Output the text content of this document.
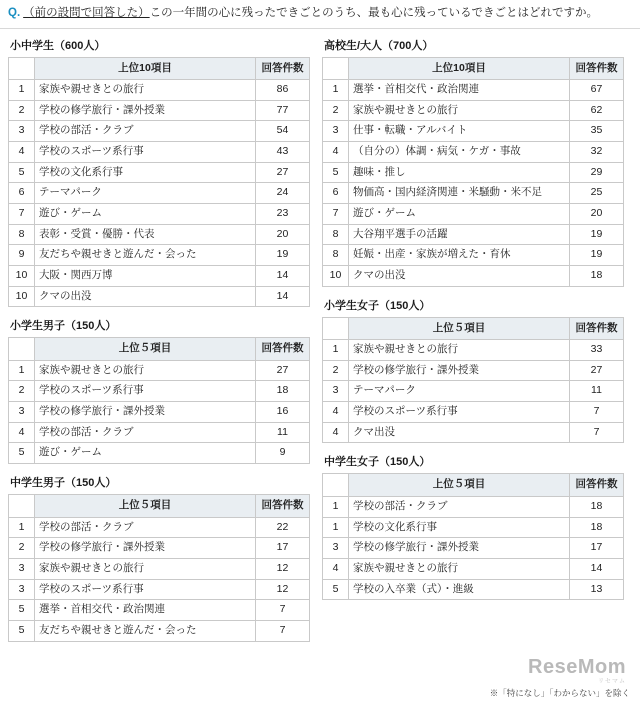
Q. （前の設問で回答した）この一年間の心に残ったできごとのうち、最も心に残っているできごとはどれですか。
小中学生（600人）
	上位10項目	回答件数
1	家族や親せきとの旅行	86
2	学校の修学旅行・課外授業	77
3	学校の部活・クラブ	54
4	学校のスポーツ系行事	43
5	学校の文化系行事	27
6	テーマパーク	24
7	遊び・ゲーム	23
8	表彰・受賞・優勝・代表	20
9	友だちや親せきと遊んだ・会った	19
10	大阪・関西万博	14
10	クマの出没	14
小学生男子（150人）
	上位５項目	回答件数
1	家族や親せきとの旅行	27
2	学校のスポーツ系行事	18
3	学校の修学旅行・課外授業	16
4	学校の部活・クラブ	11
5	遊び・ゲーム	9
中学生男子（150人）
	上位５項目	回答件数
1	学校の部活・クラブ	22
2	学校の修学旅行・課外授業	17
3	家族や親せきとの旅行	12
3	学校のスポーツ系行事	12
5	選挙・首相交代・政治関連	7
5	友だちや親せきと遊んだ・会った	7
高校生/大人（700人）
	上位10項目	回答件数
1	選挙・首相交代・政治関連	67
2	家族や親せきとの旅行	62
3	仕事・転職・アルバイト	35
4	（自分の）体調・病気・ケガ・事故	32
5	趣味・推し	29
6	物価高・国内経済関連・米騒動・米不足	25
7	遊び・ゲーム	20
8	大谷翔平選手の活躍	19
8	妊娠・出産・家族が増えた・育休	19
10	クマの出没	18
小学生女子（150人）
	上位５項目	回答件数
1	家族や親せきとの旅行	33
2	学校の修学旅行・課外授業	27
3	テーマパーク	11
4	学校のスポーツ系行事	7
4	クマ出没	7
中学生女子（150人）
	上位５項目	回答件数
1	学校の部活・クラブ	18
1	学校の文化系行事	18
3	学校の修学旅行・課外授業	17
4	家族や親せきとの旅行	14
5	学校の入卒業（式）・進級	13
ReseMom
リセマム
※「特になし」「わからない」を除く
